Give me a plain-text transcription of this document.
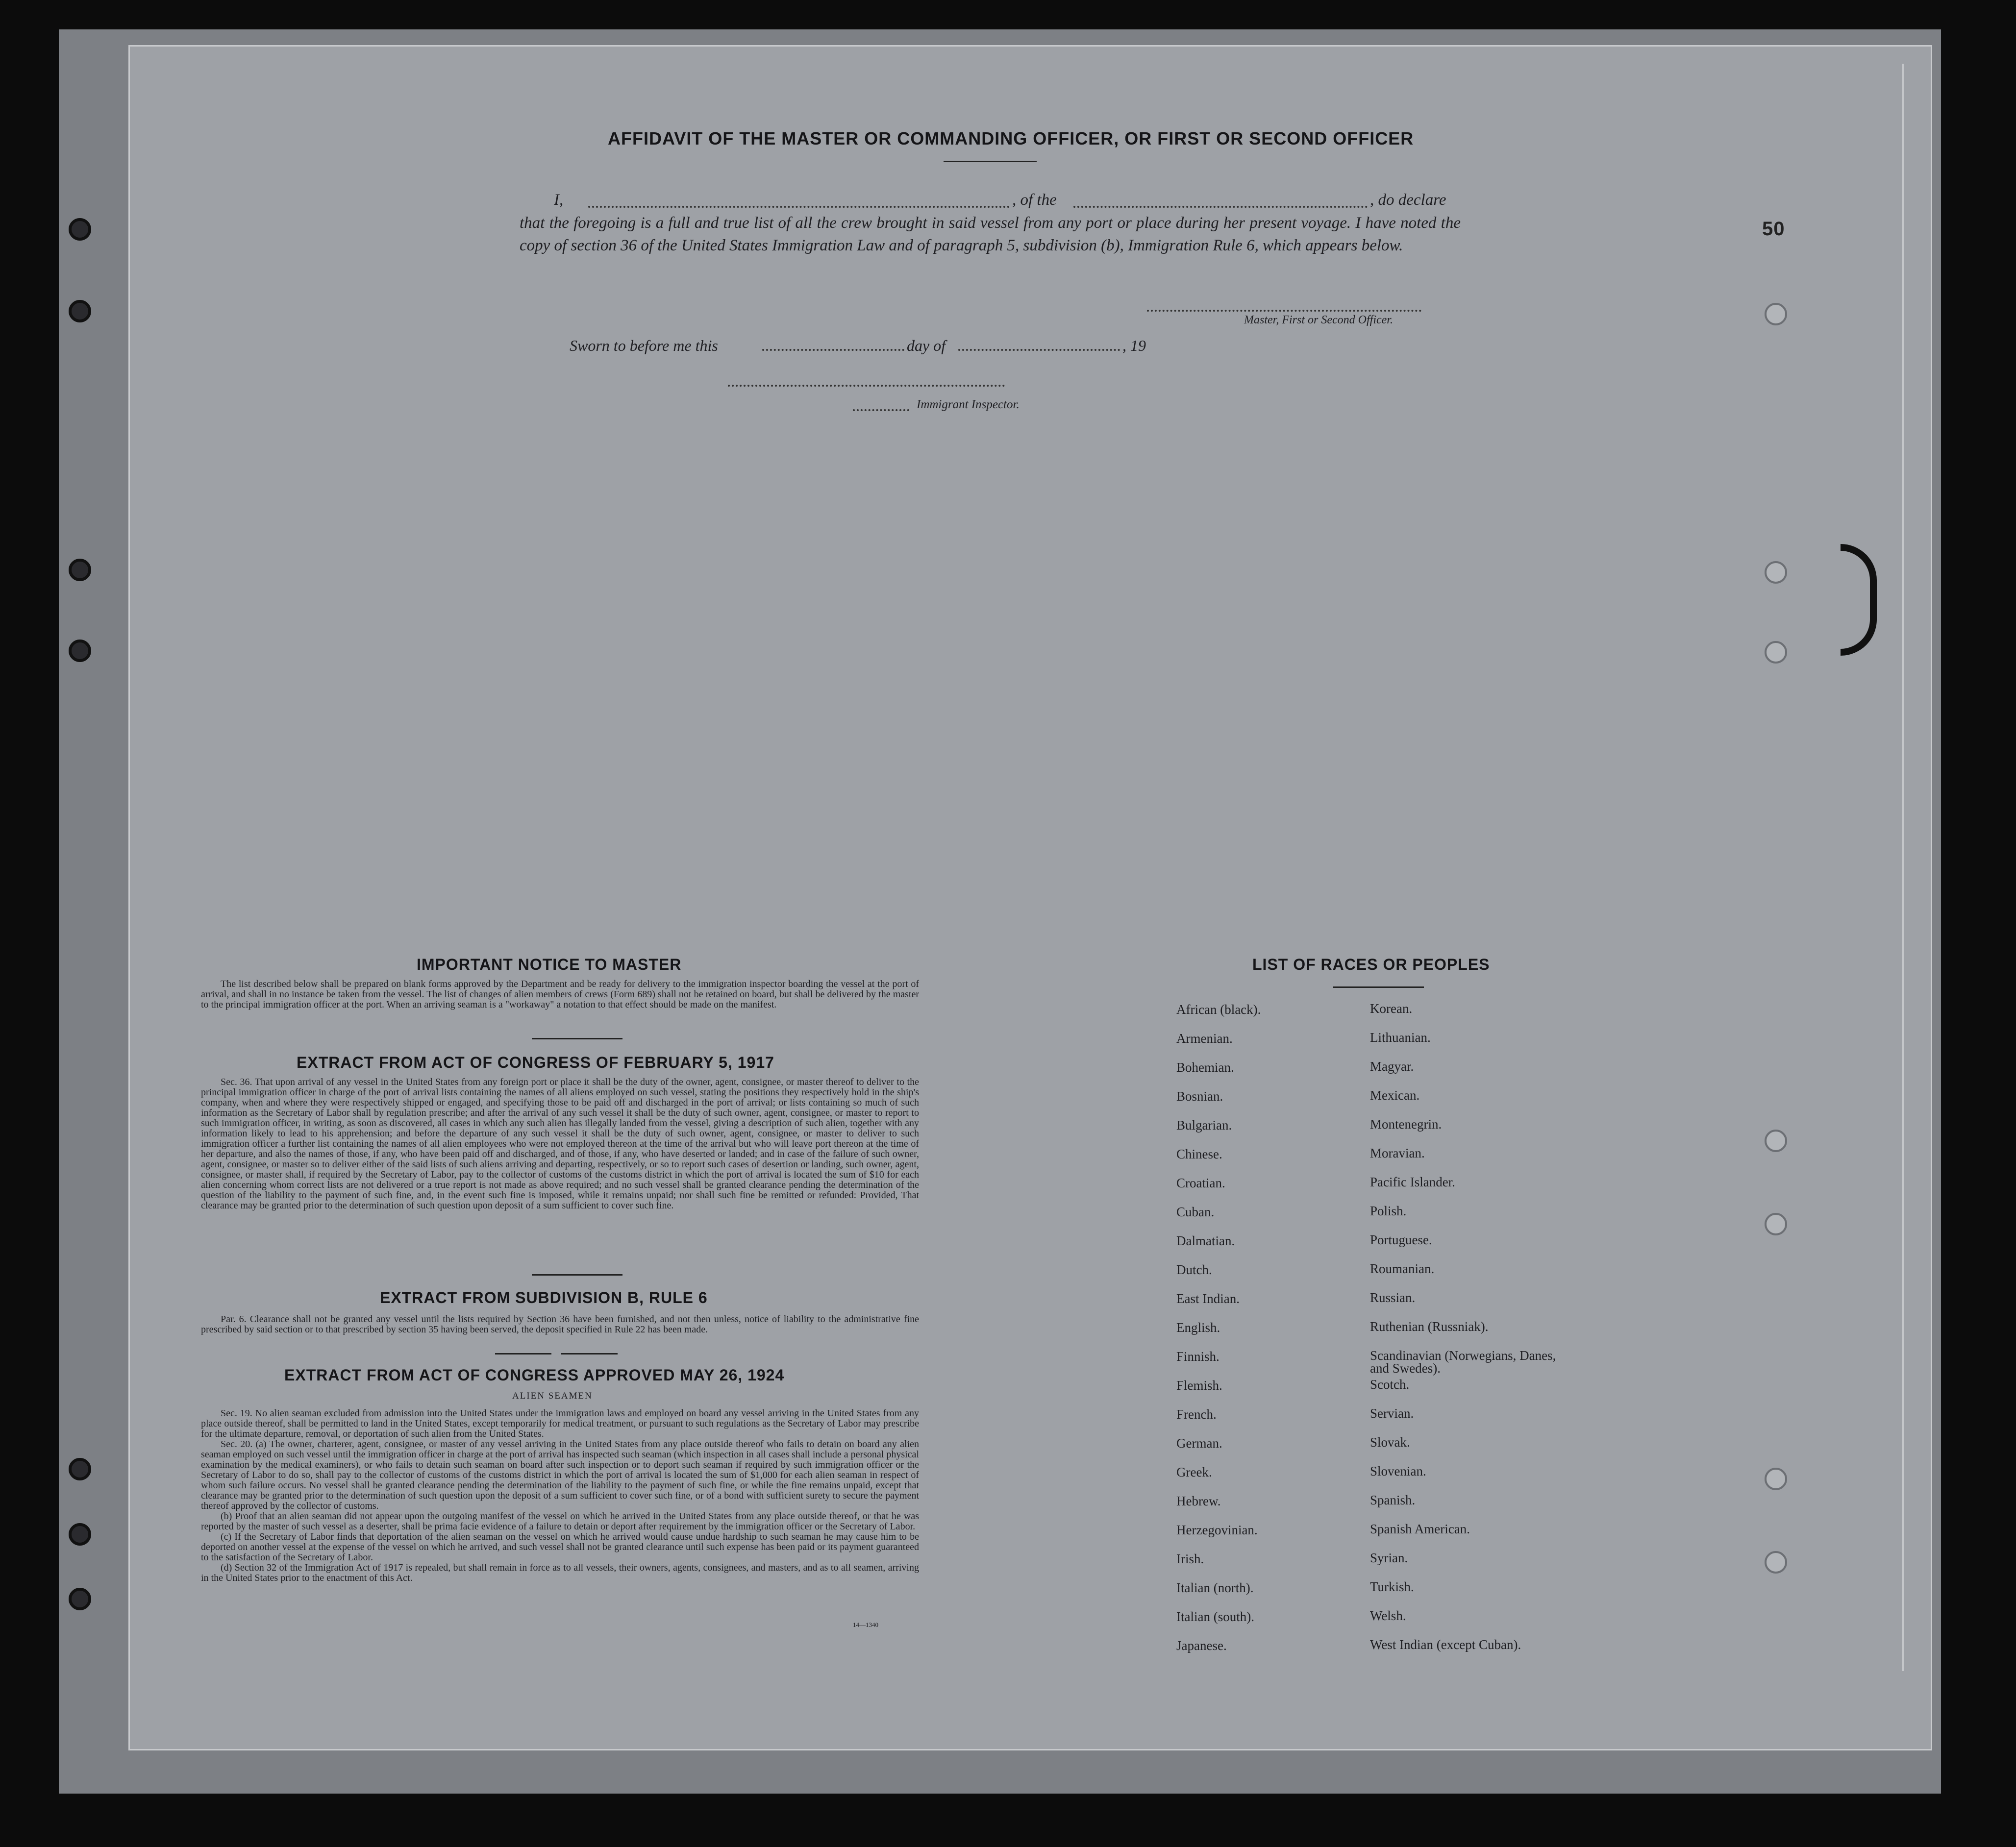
50
AFFIDAVIT OF THE MASTER OR COMMANDING OFFICER, OR FIRST OR SECOND OFFICER
I,	, of the	, do declare

that the foregoing is a full and true list of all the crew brought in said vessel from any port or place during her present voyage. I have noted the copy of section 36 of the United States Immigration Law and of paragraph 5, subdivision (b), Immigration Rule 6, which appears below.

Master, First or Second Officer.
Sworn to before me this	day of	, 19
Immigrant Inspector.
IMPORTANT NOTICE TO MASTER

The list described below shall be prepared on blank forms approved by the Department and be ready for delivery to the immigration inspector boarding the vessel at the port of arrival, and shall in no instance be taken from the vessel. The list of changes of alien members of crews (Form 689) shall not be retained on board, but shall be delivered by the master to the principal immigration officer at the port. When an arriving seaman is a "workaway" a notation to that effect should be made on the manifest.

EXTRACT FROM ACT OF CONGRESS OF FEBRUARY 5, 1917

Sec. 36. That upon arrival of any vessel in the United States from any foreign port or place it shall be the duty of the owner, agent, consignee, or master thereof to deliver to the principal immigration officer in charge of the port of arrival lists containing the names of all aliens employed on such vessel, stating the positions they respectively hold in the ship's company, when and where they were respectively shipped or engaged, and specifying those to be paid off and discharged in the port of arrival; or lists containing so much of such information as the Secretary of Labor shall by regulation prescribe; and after the arrival of any such vessel it shall be the duty of such owner, agent, consignee, or master to report to such immigration officer, in writing, as soon as discovered, all cases in which any such alien has illegally landed from the vessel, giving a description of such alien, together with any information likely to lead to his apprehension; and before the departure of any such vessel it shall be the duty of such owner, agent, consignee, or master to deliver to such immigration officer a further list containing the names of all alien employees who were not employed thereon at the time of the arrival but who will leave port thereon at the time of her departure, and also the names of those, if any, who have been paid off and discharged, and of those, if any, who have deserted or landed; and in case of the failure of such owner, agent, consignee, or master so to deliver either of the said lists of such aliens arriving and departing, respectively, or so to report such cases of desertion or landing, such owner, agent, consignee, or master shall, if required by the Secretary of Labor, pay to the collector of customs of the customs district in which the port of arrival is located the sum of $10 for each alien concerning whom correct lists are not delivered or a true report is not made as above required; and no such vessel shall be granted clearance pending the determination of the question of the liability to the payment of such fine, and, in the event such fine is imposed, while it remains unpaid; nor shall such fine be remitted or refunded: Provided, That clearance may be granted prior to the determination of such question upon deposit of a sum sufficient to cover such fine.

EXTRACT FROM SUBDIVISION B, RULE 6

Par. 6. Clearance shall not be granted any vessel until the lists required by Section 36 have been furnished, and not then unless, notice of liability to the administrative fine prescribed by said section or to that prescribed by section 35 having been served, the deposit specified in Rule 22 has been made.

EXTRACT FROM ACT OF CONGRESS APPROVED MAY 26, 1924
ALIEN SEAMEN

Sec. 19. No alien seaman excluded from admission into the United States under the immigration laws and employed on board any vessel arriving in the United States from any place outside thereof, shall be permitted to land in the United States, except temporarily for medical treatment, or pursuant to such regulations as the Secretary of Labor may prescribe for the ultimate departure, removal, or deportation of such alien from the United States.

Sec. 20. (a) The owner, charterer, agent, consignee, or master of any vessel arriving in the United States from any place outside thereof who fails to detain on board any alien seaman employed on such vessel until the immigration officer in charge at the port of arrival has inspected such seaman (which inspection in all cases shall include a personal physical examination by the medical examiners), or who fails to detain such seaman on board after such inspection or to deport such seaman if required by such immigration officer or the Secretary of Labor to do so, shall pay to the collector of customs of the customs district in which the port of arrival is located the sum of $1,000 for each alien seaman in respect of whom such failure occurs. No vessel shall be granted clearance pending the determination of the liability to the payment of such fine, or while the fine remains unpaid, except that clearance may be granted prior to the determination of such question upon the deposit of a sum sufficient to cover such fine, or of a bond with sufficient surety to secure the payment thereof approved by the collector of customs.

(b) Proof that an alien seaman did not appear upon the outgoing manifest of the vessel on which he arrived in the United States from any place outside thereof, or that he was reported by the master of such vessel as a deserter, shall be prima facie evidence of a failure to detain or deport after requirement by the immigration officer or the Secretary of Labor.

(c) If the Secretary of Labor finds that deportation of the alien seaman on the vessel on which he arrived would cause undue hardship to such seaman he may cause him to be deported on another vessel at the expense of the vessel on which he arrived, and such vessel shall not be granted clearance until such expense has been paid or its payment guaranteed to the satisfaction of the Secretary of Labor.

(d) Section 32 of the Immigration Act of 1917 is repealed, but shall remain in force as to all vessels, their owners, agents, consignees, and masters, and as to all seamen, arriving in the United States prior to the enactment of this Act.

14—1340
LIST OF RACES OR PEOPLES
African (black).	Korean.
Armenian.	Lithuanian.
Bohemian.	Magyar.
Bosnian.	Mexican.
Bulgarian.	Montenegrin.
Chinese.	Moravian.
Croatian.	Pacific Islander.
Cuban.	Polish.
Dalmatian.	Portuguese.
Dutch.	Roumanian.
East Indian.	Russian.
English.	Ruthenian (Russniak).
Finnish.	Scandinavian (Norwegians, Danes, and Swedes).
Flemish.	Scotch.
French.	Servian.
German.	Slovak.
Greek.	Slovenian.
Hebrew.	Spanish.
Herzegovinian.	Spanish American.
Irish.	Syrian.
Italian (north).	Turkish.
Italian (south).	Welsh.
Japanese.	West Indian (except Cuban).
